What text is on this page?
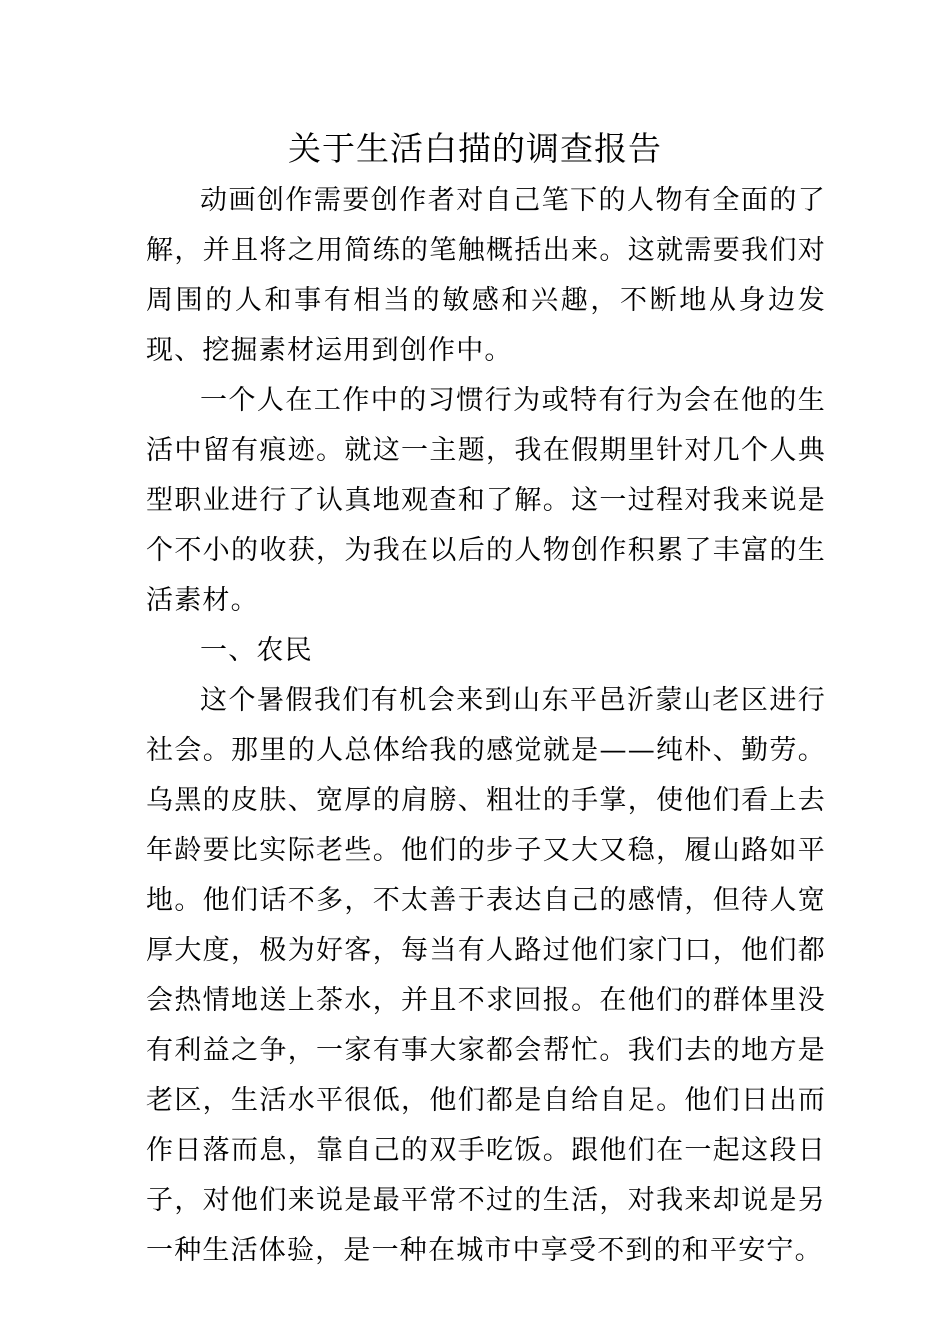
关于生活白描的调查报告

动画创作需要创作者对自己笔下的人物有全面的了解，并且将之用简练的笔触概括出来。这就需要我们对周围的人和事有相当的敏感和兴趣，不断地从身边发现、挖掘素材运用到创作中。

一个人在工作中的习惯行为或特有行为会在他的生活中留有痕迹。就这一主题，我在假期里针对几个人典型职业进行了认真地观查和了解。这一过程对我来说是个不小的收获，为我在以后的人物创作积累了丰富的生活素材。

一、农民

这个暑假我们有机会来到山东平邑沂蒙山老区进行社会。那里的人总体给我的感觉就是——纯朴、勤劳。乌黑的皮肤、宽厚的肩膀、粗壮的手掌，使他们看上去年龄要比实际老些。他们的步子又大又稳，履山路如平地。他们话不多，不太善于表达自己的感情，但待人宽厚大度，极为好客，每当有人路过他们家门口，他们都会热情地送上茶水，并且不求回报。在他们的群体里没有利益之争，一家有事大家都会帮忙。我们去的地方是老区，生活水平很低，他们都是自给自足。他们日出而作日落而息，靠自己的双手吃饭。跟他们在一起这段日子，对他们来说是最平常不过的生活，对我来却说是另一种生活体验，是一种在城市中享受不到的和平安宁。
